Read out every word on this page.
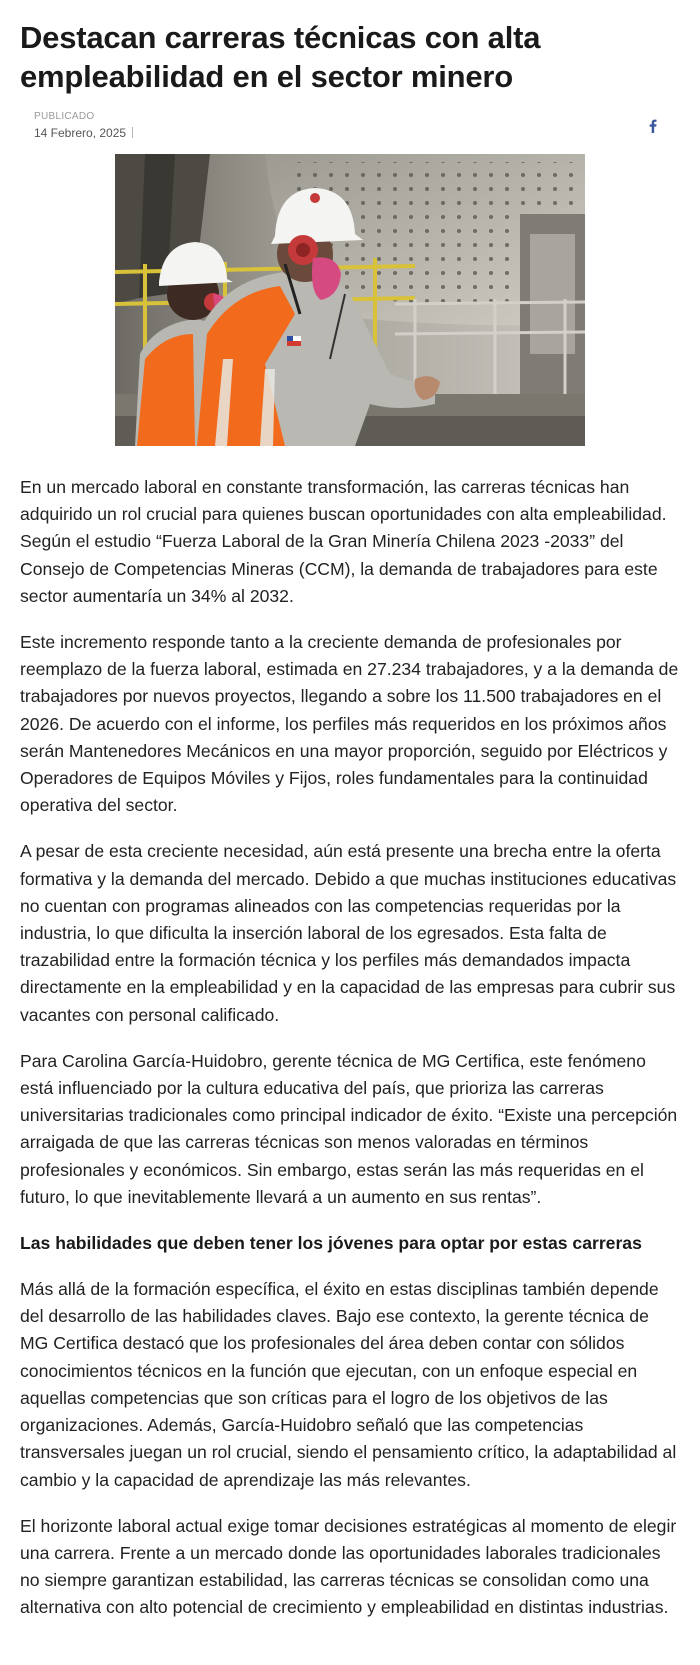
Destacan carreras técnicas con alta empleabilidad en el sector minero
PUBLICADO
14 Febrero, 2025

En un mercado laboral en constante transformación, las carreras técnicas han adquirido un rol crucial para quienes buscan oportunidades con alta empleabilidad. Según el estudio “Fuerza Laboral de la Gran Minería Chilena 2023 -2033” del Consejo de Competencias Mineras (CCM), la demanda de trabajadores para este sector aumentaría un 34% al 2032.

Este incremento responde tanto a la creciente demanda de profesionales por reemplazo de la fuerza laboral, estimada en 27.234 trabajadores, y a la demanda de trabajadores por nuevos proyectos, llegando a sobre los 11.500 trabajadores en el 2026. De acuerdo con el informe, los perfiles más requeridos en los próximos años serán Mantenedores Mecánicos en una mayor proporción, seguido por Eléctricos y Operadores de Equipos Móviles y Fijos, roles fundamentales para la continuidad operativa del sector.

A pesar de esta creciente necesidad, aún está presente una brecha entre la oferta formativa y la demanda del mercado. Debido a que muchas instituciones educativas no cuentan con programas alineados con las competencias requeridas por la industria, lo que dificulta la inserción laboral de los egresados. Esta falta de trazabilidad entre la formación técnica y los perfiles más demandados impacta directamente en la empleabilidad y en la capacidad de las empresas para cubrir sus vacantes con personal calificado.

Para Carolina García-Huidobro, gerente técnica de MG Certifica, este fenómeno está influenciado por la cultura educativa del país, que prioriza las carreras universitarias tradicionales como principal indicador de éxito. “Existe una percepción arraigada de que las carreras técnicas son menos valoradas en términos profesionales y económicos. Sin embargo, estas serán las más requeridas en el futuro, lo que inevitablemente llevará a un aumento en sus rentas”.

Las habilidades que deben tener los jóvenes para optar por estas carreras

Más allá de la formación específica, el éxito en estas disciplinas también depende del desarrollo de las habilidades claves. Bajo ese contexto, la gerente técnica de MG Certifica destacó que los profesionales del área deben contar con sólidos conocimientos técnicos en la función que ejecutan, con un enfoque especial en aquellas competencias que son críticas para el logro de los objetivos de las organizaciones. Además, García-Huidobro señaló que las competencias transversales juegan un rol crucial, siendo el pensamiento crítico, la adaptabilidad al cambio y la capacidad de aprendizaje las más relevantes.

El horizonte laboral actual exige tomar decisiones estratégicas al momento de elegir una carrera. Frente a un mercado donde las oportunidades laborales tradicionales no siempre garantizan estabilidad, las carreras técnicas se consolidan como una alternativa con alto potencial de crecimiento y empleabilidad en distintas industrias.
